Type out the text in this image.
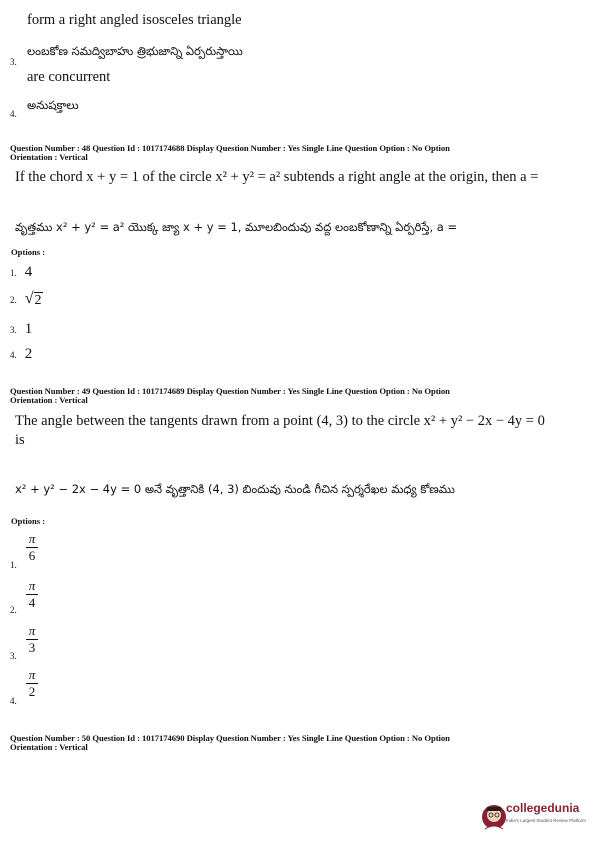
form a right angled isosceles triangle
3.
లంబకోణ సమద్విబాహు త్రిభుజాన్ని ఏర్పరుస్తాయి
are concurrent
4.
అనుషక్తాలు
Question Number : 48 Question Id : 1017174688 Display Question Number : Yes Single Line Question Option : No Option
Orientation : Vertical
If the chord x + y = 1 of the circle x² + y² = a² subtends a right angle at the origin, then a =
వృత్తము x² + y² = a² యొక్క జ్యా x + y = 1, మూలబిందువు వద్ద లంబకోణాన్ని ఏర్పరిస్తే, a =
Options :
1. 4
2. √ 2
3. 1
4. 2
Question Number : 49 Question Id : 1017174689 Display Question Number : Yes Single Line Question Option : No Option
Orientation : Vertical
The angle between the tangents drawn from a point (4, 3) to the circle x² + y² − 2x − 4y = 0
is
x² + y² − 2x − 4y = 0 అనే వృత్తానికి (4, 3) బిందువు నుండి గీచిన స్పర్శరేఖల మధ్య కోణము
Options :
1.
π
6
2.
π
4
3.
π
3
4.
π
2
Question Number : 50 Question Id : 1017174690 Display Question Number : Yes Single Line Question Option : No Option
Orientation : Vertical
collegedunia
India's Largest Student Review Platform
